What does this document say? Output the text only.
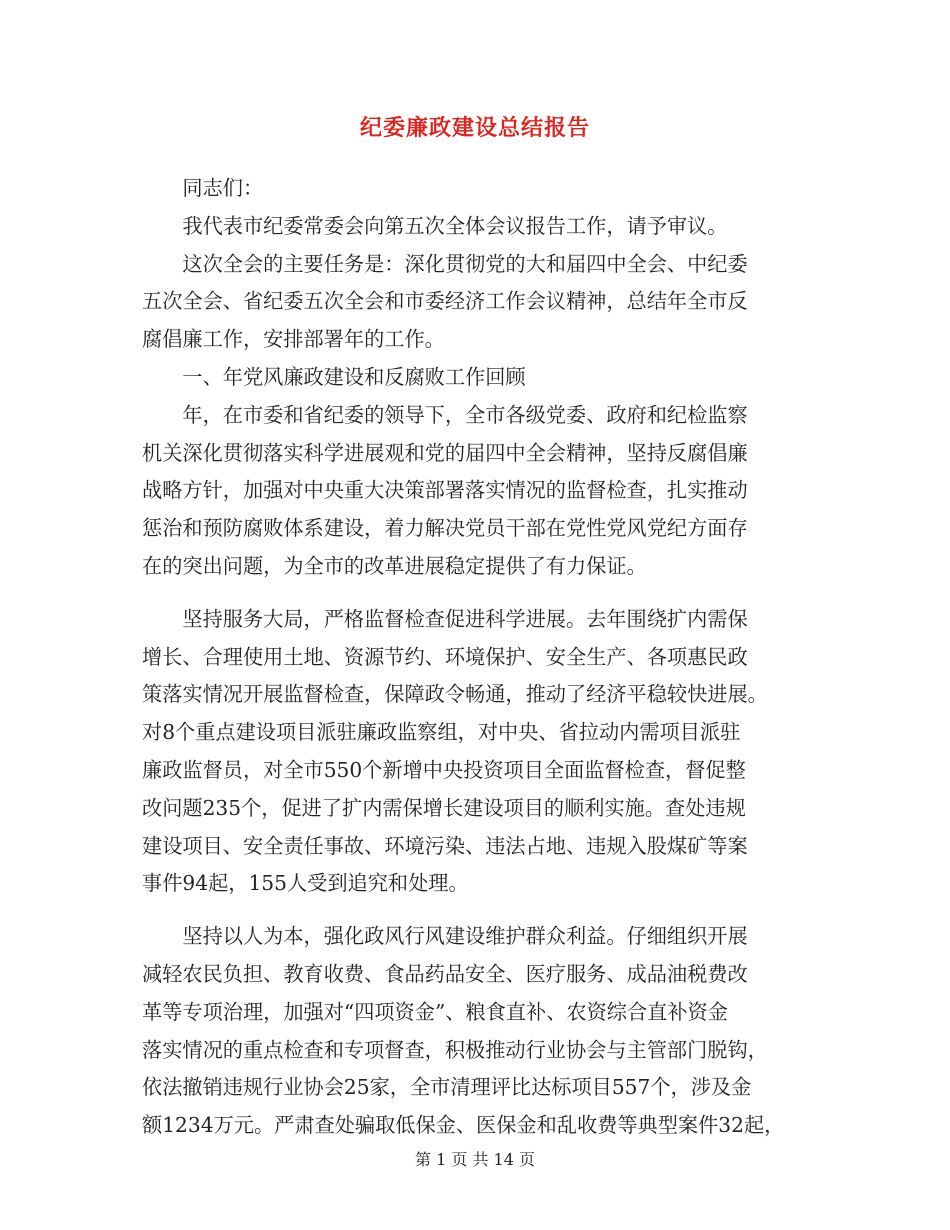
纪委廉政建设总结报告

同志们：

我代表市纪委常委会向第五次全体会议报告工作，请予审议。

这次全会的主要任务是：深化贯彻党的大和届四中全会、中纪委

五次全会、省纪委五次全会和市委经济工作会议精神，总结年全市反

腐倡廉工作，安排部署年的工作。

一、年党风廉政建设和反腐败工作回顾

年，在市委和省纪委的领导下，全市各级党委、政府和纪检监察

机关深化贯彻落实科学进展观和党的届四中全会精神，坚持反腐倡廉

战略方针，加强对中央重大决策部署落实情况的监督检查，扎实推动

惩治和预防腐败体系建设，着力解决党员干部在党性党风党纪方面存

在的突出问题，为全市的改革进展稳定提供了有力保证。

坚持服务大局，严格监督检查促进科学进展。去年围绕扩内需保

增长、合理使用土地、资源节约、环境保护、安全生产、各项惠民政

策落实情况开展监督检查，保障政令畅通，推动了经济平稳较快进展。

对8个重点建设项目派驻廉政监察组，对中央、省拉动内需项目派驻

廉政监督员，对全市550个新增中央投资项目全面监督检查，督促整

改问题235个，促进了扩内需保增长建设项目的顺利实施。查处违规

建设项目、安全责任事故、环境污染、违法占地、违规入股煤矿等案

事件94起，155人受到追究和处理。

坚持以人为本，强化政风行风建设维护群众利益。仔细组织开展

减轻农民负担、教育收费、食品药品安全、医疗服务、成品油税费改

革等专项治理，加强对“四项资金”、粮食直补、农资综合直补资金

落实情况的重点检查和专项督查，积极推动行业协会与主管部门脱钩，

依法撤销违规行业协会25家，全市清理评比达标项目557个，涉及金

额1234万元。严肃查处骗取低保金、医保金和乱收费等典型案件32起，

第 1 页 共 14 页
